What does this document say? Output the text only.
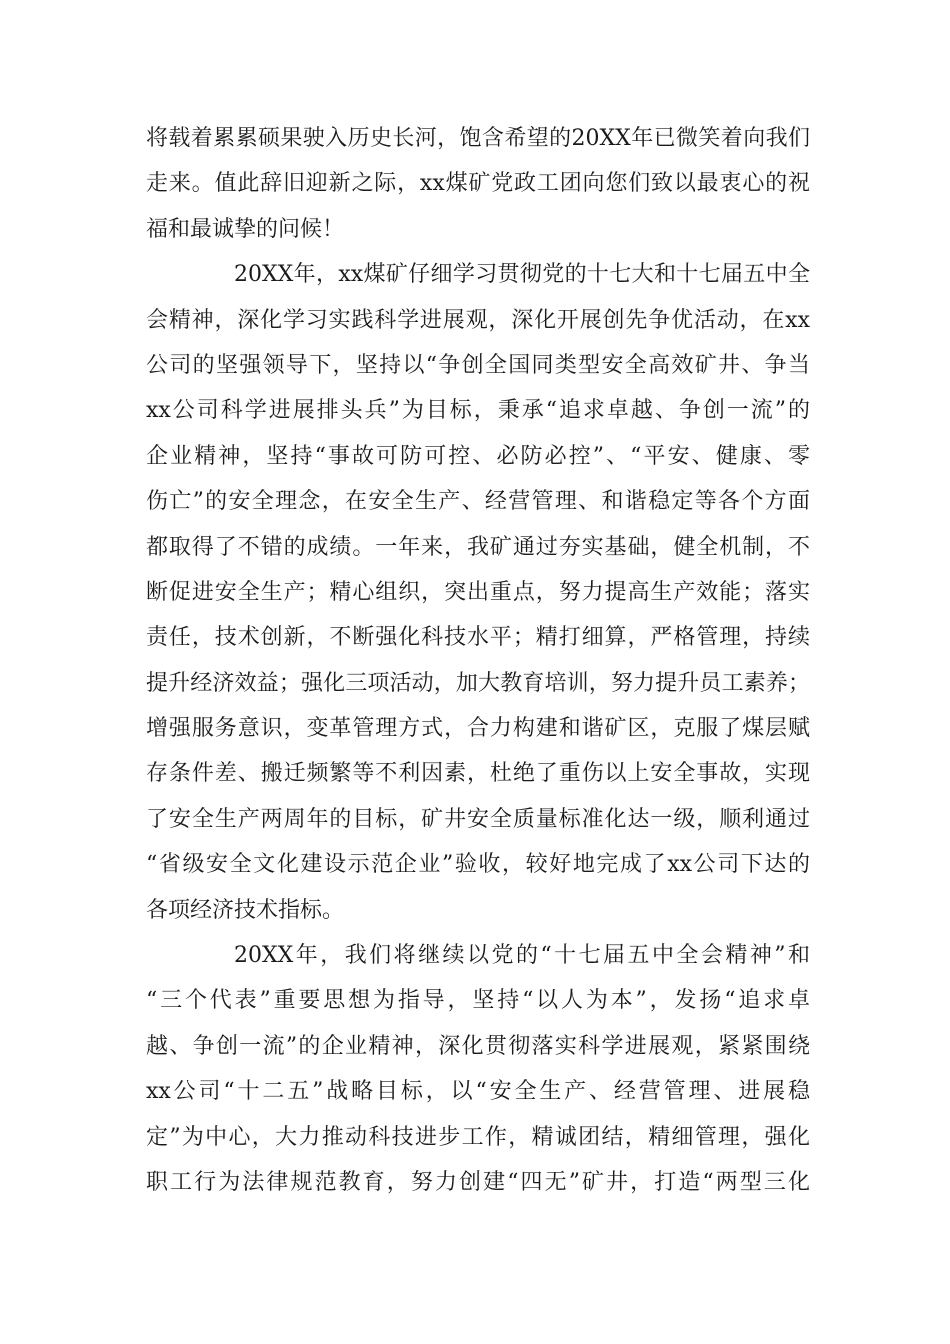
将载着累累硕果驶入历史长河，饱含希望的20XX年已微笑着向我们
走来。值此辞旧迎新之际，xx煤矿党政工团向您们致以最衷心的祝
福和最诚挚的问候！
20XX年，xx煤矿仔细学习贯彻党的十七大和十七届五中全
会精神，深化学习实践科学进展观，深化开展创先争优活动，在xx
公司的坚强领导下，坚持以“争创全国同类型安全高效矿井、争当
xx公司科学进展排头兵”为目标，秉承“追求卓越、争创一流”的
企业精神，坚持“事故可防可控、必防必控”、“平安、健康、零
伤亡”的安全理念，在安全生产、经营管理、和谐稳定等各个方面
都取得了不错的成绩。一年来，我矿通过夯实基础，健全机制，不
断促进安全生产；精心组织，突出重点，努力提高生产效能；落实
责任，技术创新，不断强化科技水平；精打细算，严格管理，持续
提升经济效益；强化三项活动，加大教育培训，努力提升员工素养；
增强服务意识，变革管理方式，合力构建和谐矿区，克服了煤层赋
存条件差、搬迁频繁等不利因素，杜绝了重伤以上安全事故，实现
了安全生产两周年的目标，矿井安全质量标准化达一级，顺利通过
“省级安全文化建设示范企业”验收，较好地完成了xx公司下达的
各项经济技术指标。
20XX年，我们将继续以党的“十七届五中全会精神”和
“三个代表”重要思想为指导，坚持“以人为本”，发扬“追求卓
越、争创一流”的企业精神，深化贯彻落实科学进展观，紧紧围绕
xx公司“十二五”战略目标，以“安全生产、经营管理、进展稳
定”为中心，大力推动科技进步工作，精诚团结，精细管理，强化
职工行为法律规范教育，努力创建“四无”矿井，打造“两型三化
